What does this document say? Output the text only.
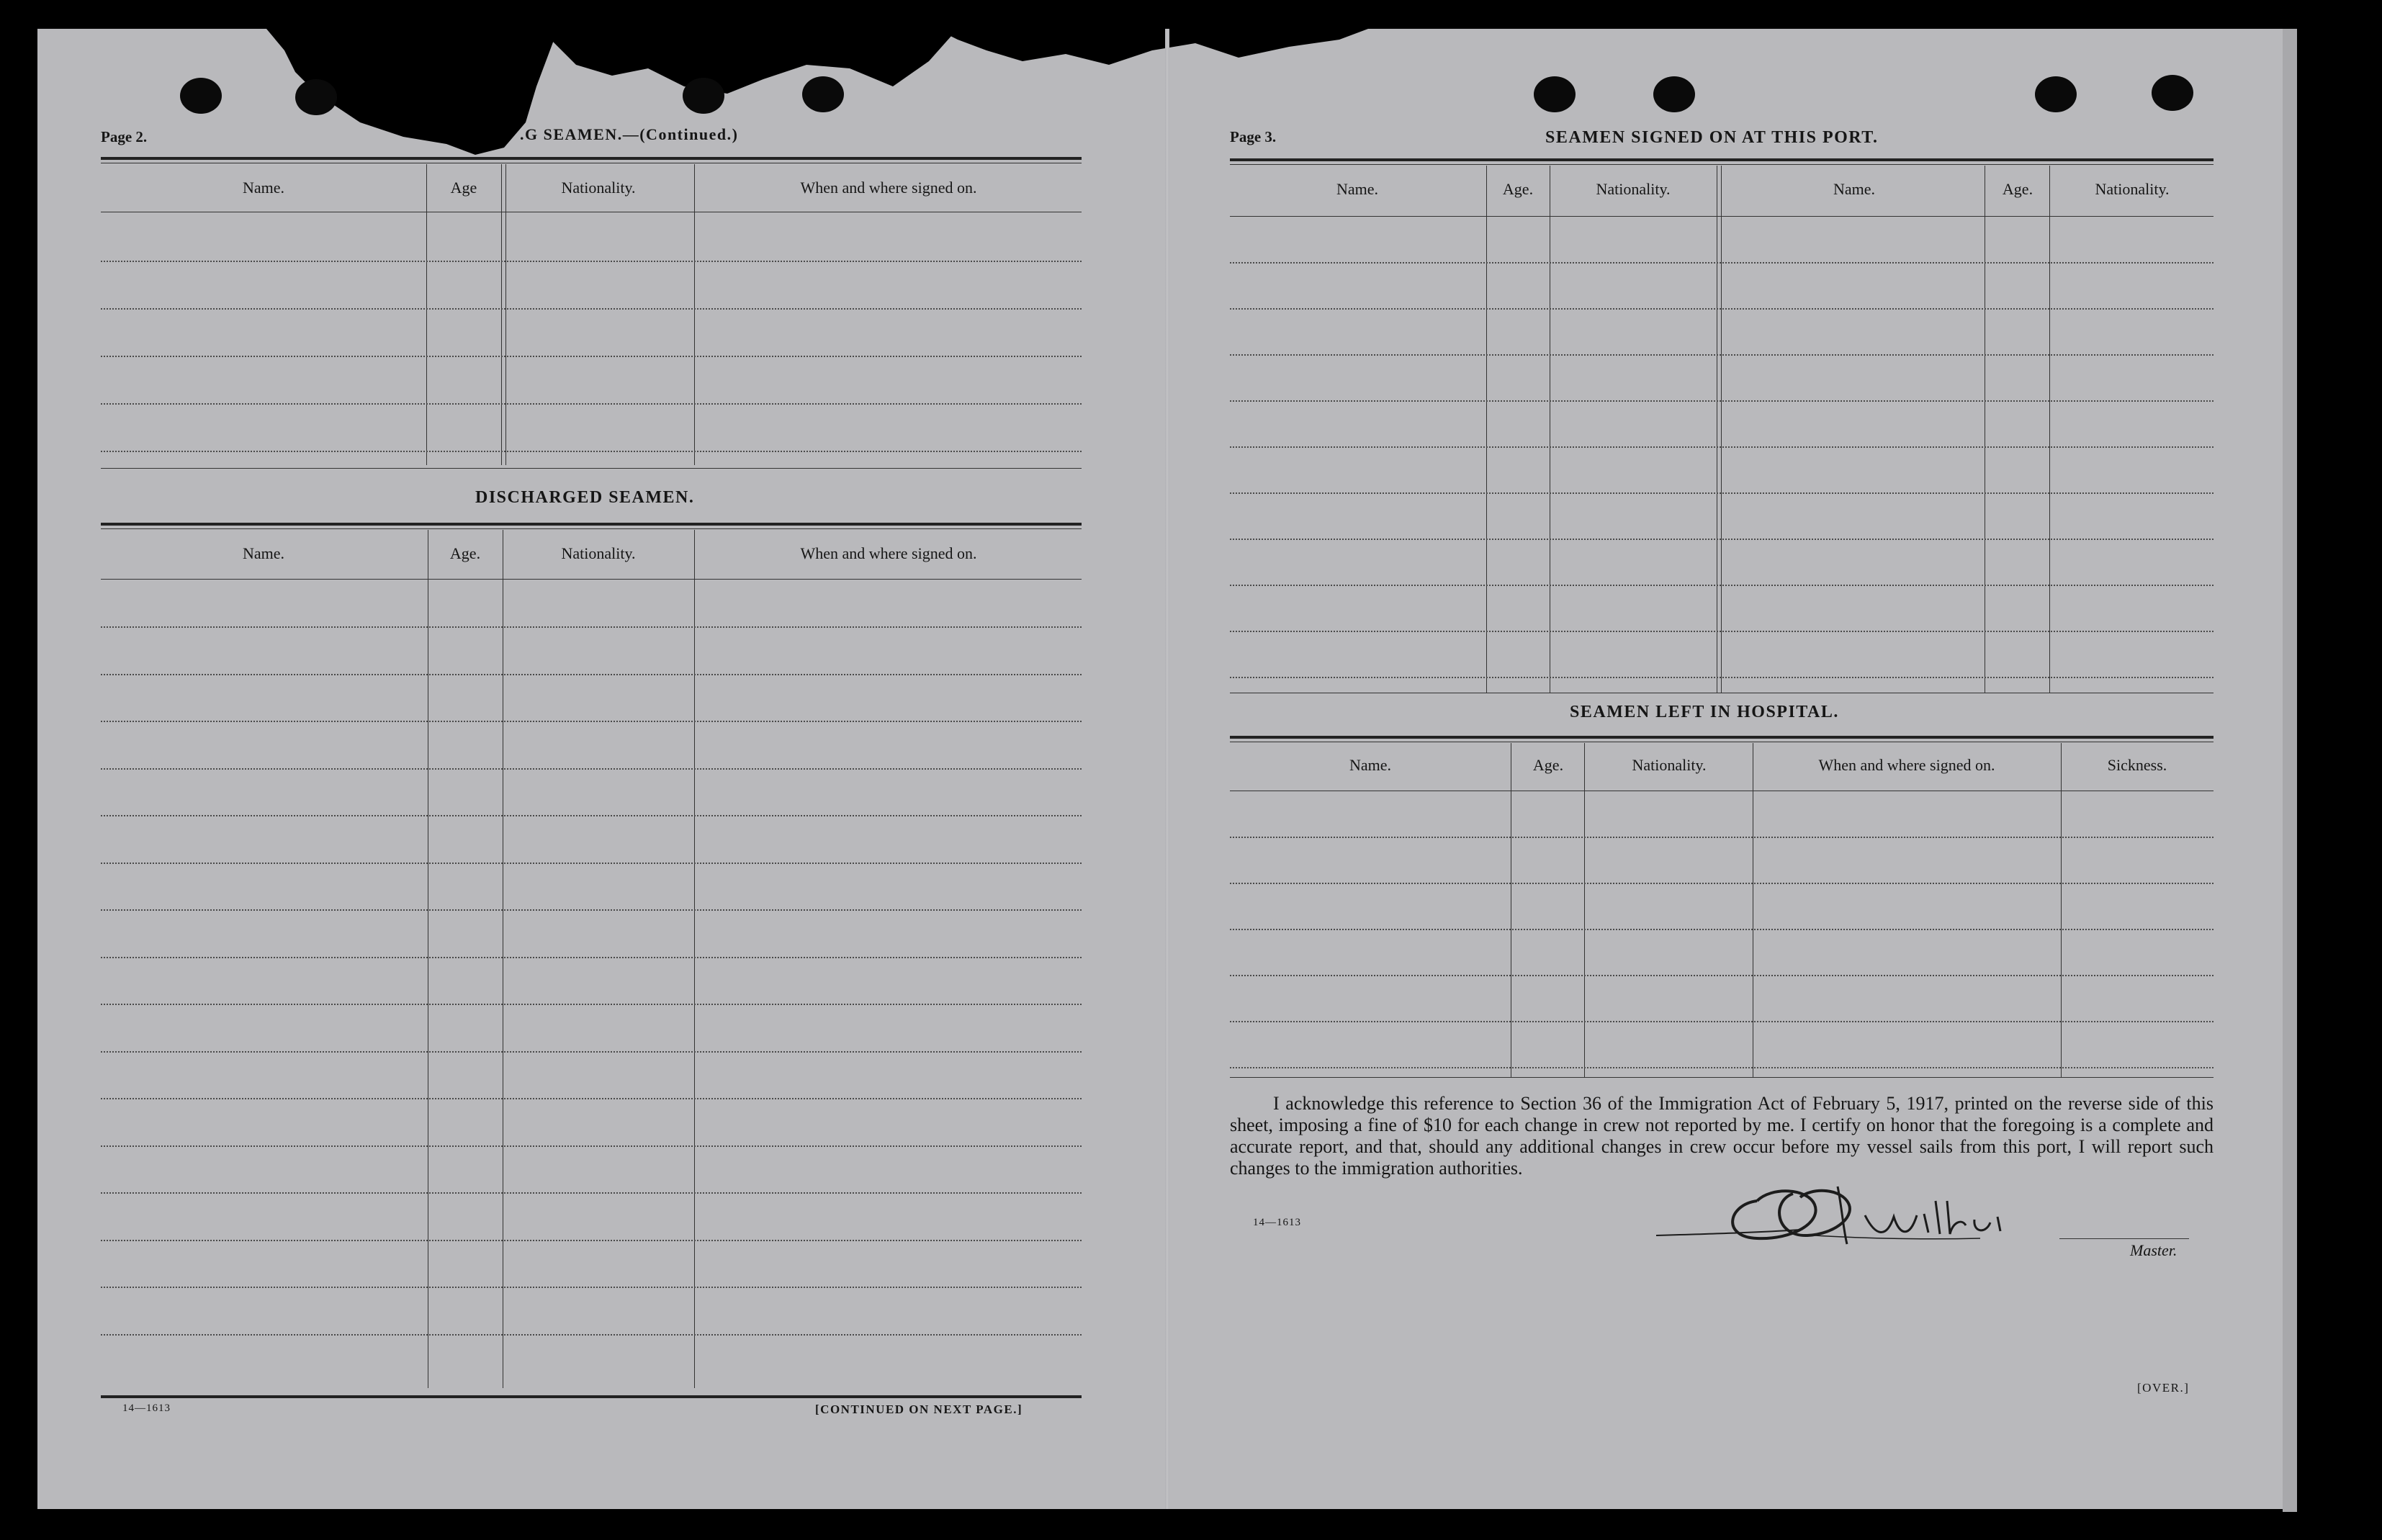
Page 2.	.G SEAMEN.—(Continued.)
Name.	Age	Nationality.	When and where signed on.
DISCHARGED SEAMEN.
Name.	Age.	Nationality.	When and where signed on.
14—1613	[CONTINUED ON NEXT PAGE.]
Page 3.	SEAMEN SIGNED ON AT THIS PORT.
Name.	Age.	Nationality.	Name.	Age.	Nationality.
SEAMEN LEFT IN HOSPITAL.
Name.	Age.	Nationality.	When and where signed on.	Sickness.

I acknowledge this reference to Section 36 of the Immigration Act of February 5, 1917, printed on the reverse side of this sheet, imposing a fine of $10 for each change in crew not reported by me. I certify on honor that the foregoing is a complete and accurate report, and that, should any additional changes in crew occur before my vessel sails from this port, I will report such changes to the immigration authorities.

14—1613
Master.
[OVER.]
